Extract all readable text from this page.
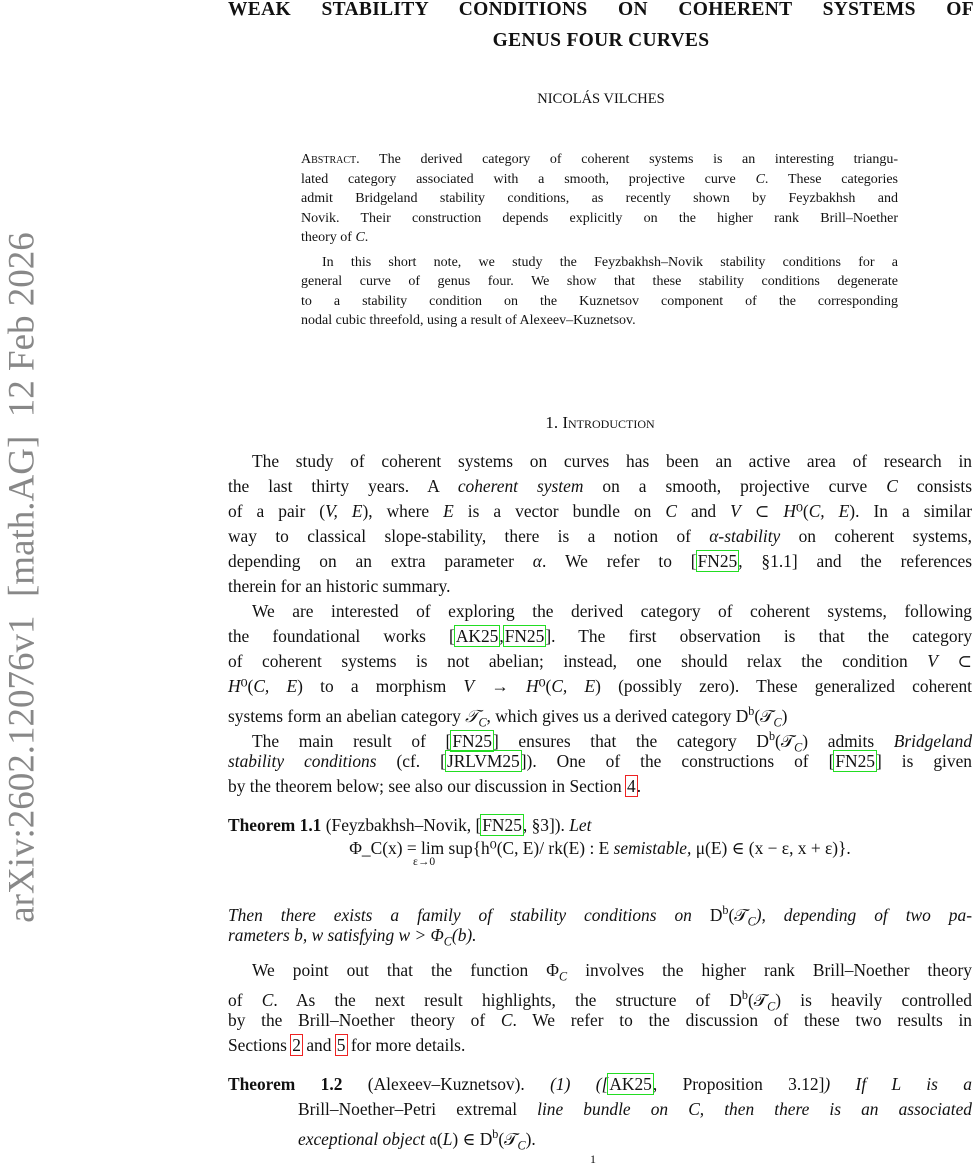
arXiv:2602.12076v1  [math.AG]  12 Feb 2026
WEAK STABILITY CONDITIONS ON COHERENT SYSTEMS OF
GENUS FOUR CURVES
NICOLÁS VILCHES
Abstract. The derived category of coherent systems is an interesting triangu-
lated category associated with a smooth, projective curve C. These categories
admit Bridgeland stability conditions, as recently shown by Feyzbakhsh and
Novik. Their construction depends explicitly on the higher rank Brill–Noether
theory of C.
In this short note, we study the Feyzbakhsh–Novik stability conditions for a
general curve of genus four. We show that these stability conditions degenerate
to a stability condition on the Kuznetsov component of the corresponding
nodal cubic threefold, using a result of Alexeev–Kuznetsov.
1. Introduction
The study of coherent systems on curves has been an active area of research in
the last thirty years. A coherent system on a smooth, projective curve C consists
of a pair (V, E), where E is a vector bundle on C and V ⊂ H⁰(C, E). In a similar
way to classical slope-stability, there is a notion of α-stability on coherent systems,
depending on an extra parameter α. We refer to [FN25, §1.1] and the references
therein for an historic summary.
We are interested of exploring the derived category of coherent systems, following
the foundational works [AK25,FN25]. The first observation is that the category
of coherent systems is not abelian; instead, one should relax the condition V ⊂
H⁰(C, E) to a morphism V → H⁰(C, E) (possibly zero). These generalized coherent
systems form an abelian category 𝒯$_C$, which gives us a derived category $D^b(𝒯_C)$
The main result of [FN25] ensures that the category $D^b(𝒯_C)$ admits Bridgeland
stability conditions (cf. [JRLVM25]). One of the constructions of [FN25] is given
by the theorem below; see also our discussion in Section 4.
Theorem 1.1 (Feyzbakhsh–Novik, [FN25, §3]). Let
Then there exists a family of stability conditions on $D^b(𝒯_C)$, depending of two pa-
rameters b, w satisfying $w > \Phi_C(b)$.
We point out that the function $\Phi_C$ involves the higher rank Brill–Noether theory
of C. As the next result highlights, the structure of $D^b(𝒯_C)$ is heavily controlled
by the Brill–Noether theory of C. We refer to the discussion of these two results in
Sections 2 and 5 for more details.
Theorem 1.2 (Alexeev–Kuznetsov). (1) ([AK25, Proposition 3.12]) If L is a
Brill–Noether–Petri extremal line bundle on C, then there is an associated
exceptional object 𝔞(L) ∈ $D^b(𝒯_C)$.
Φ_C(x) = lim
ε→0
sup{h⁰(C, E)/ rk(E) : E semistable, μ(E) ∈ (x − ε, x + ε)}.
1
